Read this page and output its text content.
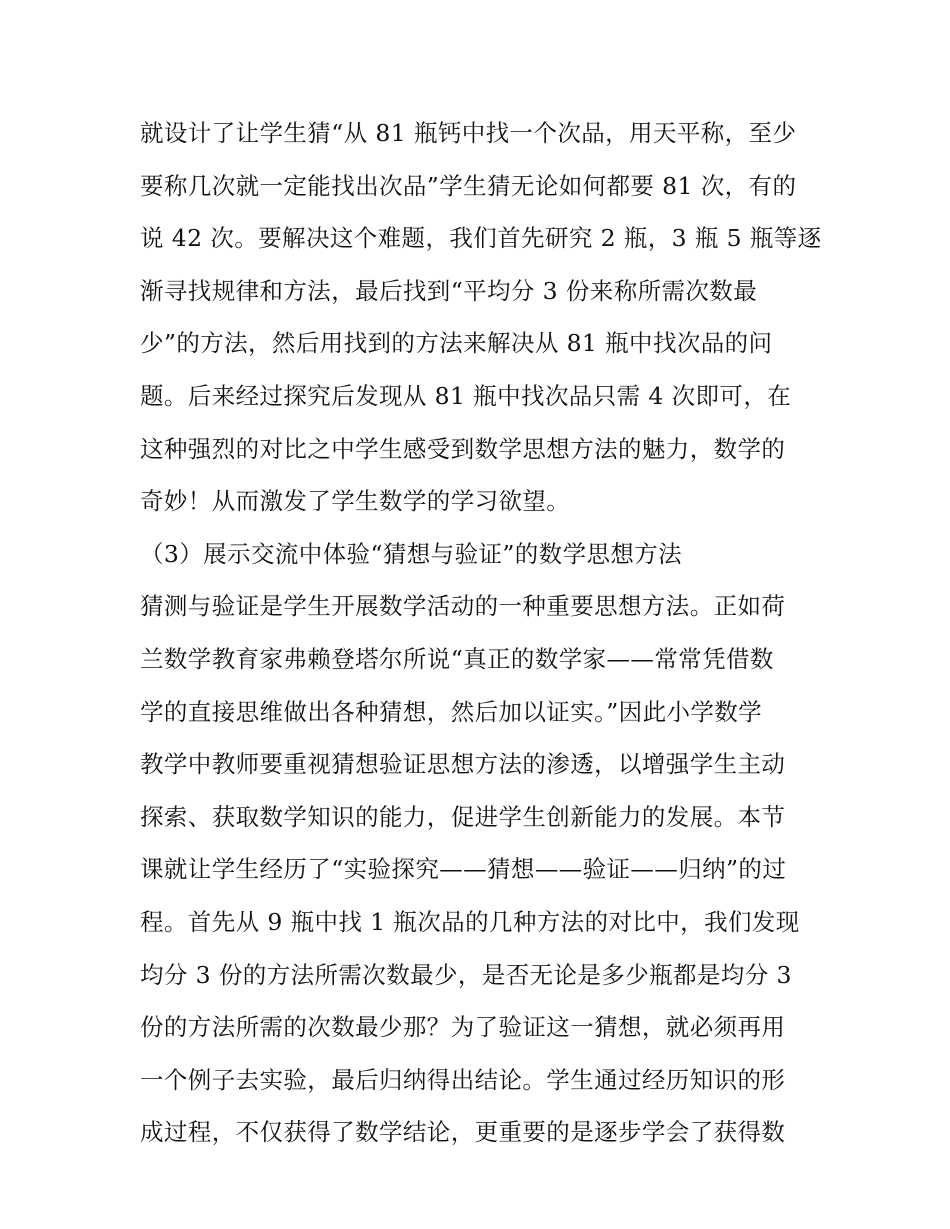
就设计了让学生猜“从 81 瓶钙中找一个次品，用天平称，至少
要称几次就一定能找出次品”学生猜无论如何都要 81 次，有的
说 42 次。要解决这个难题，我们首先研究 2 瓶，3 瓶 5 瓶等逐
渐寻找规律和方法，最后找到“平均分 3 份来称所需次数最
少”的方法，然后用找到的方法来解决从 81 瓶中找次品的问
题。后来经过探究后发现从 81 瓶中找次品只需 4 次即可，在
这种强烈的对比之中学生感受到数学思想方法的魅力，数学的
奇妙！从而激发了学生数学的学习欲望。
（3）展示交流中体验“猜想与验证”的数学思想方法
猜测与验证是学生开展数学活动的一种重要思想方法。正如荷
兰数学教育家弗赖登塔尔所说“真正的数学家——常常凭借数
学的直接思维做出各种猜想，然后加以证实。”因此小学数学
教学中教师要重视猜想验证思想方法的渗透，以增强学生主动
探索、获取数学知识的能力，促进学生创新能力的发展。本节
课就让学生经历了“实验探究——猜想——验证——归纳”的过
程。首先从 9 瓶中找 1 瓶次品的几种方法的对比中，我们发现
均分 3 份的方法所需次数最少，是否无论是多少瓶都是均分 3
份的方法所需的次数最少那？为了验证这一猜想，就必须再用
一个例子去实验，最后归纳得出结论。学生通过经历知识的形
成过程，不仅获得了数学结论，更重要的是逐步学会了获得数
